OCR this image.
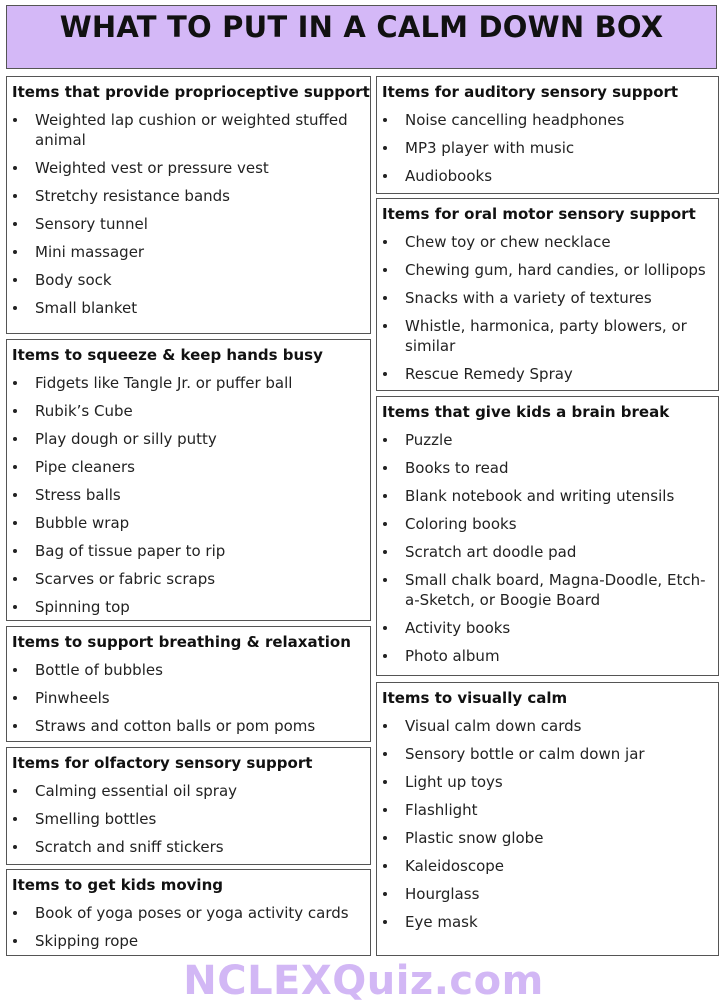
WHAT TO PUT IN A CALM DOWN BOX
Items that provide proprioceptive support
Weighted lap cushion or weighted stuffed animal
Weighted vest or pressure vest
Stretchy resistance bands
Sensory tunnel
Mini massager
Body sock
Small blanket
Items to squeeze & keep hands busy
Fidgets like Tangle Jr. or puffer ball
Rubik’s Cube
Play dough or silly putty
Pipe cleaners
Stress balls
Bubble wrap
Bag of tissue paper to rip
Scarves or fabric scraps
Spinning top
Items to support breathing & relaxation
Bottle of bubbles
Pinwheels
Straws and cotton balls or pom poms
Items for olfactory sensory support
Calming essential oil spray
Smelling bottles
Scratch and sniff stickers
Items to get kids moving
Book of yoga poses or yoga activity cards
Skipping rope
Items for auditory sensory support
Noise cancelling headphones
MP3 player with music
Audiobooks
Items for oral motor sensory support
Chew toy or chew necklace
Chewing gum, hard candies, or lollipops
Snacks with a variety of textures
Whistle, harmonica, party blowers, or similar
Rescue Remedy Spray
Items that give kids a brain break
Puzzle
Books to read
Blank notebook and writing utensils
Coloring books
Scratch art doodle pad
Small chalk board, Magna-Doodle, Etch-a-Sketch, or Boogie Board
Activity books
Photo album
Items to visually calm
Visual calm down cards
Sensory bottle or calm down jar
Light up toys
Flashlight
Plastic snow globe
Kaleidoscope
Hourglass
Eye mask
NCLEXQuiz.com
